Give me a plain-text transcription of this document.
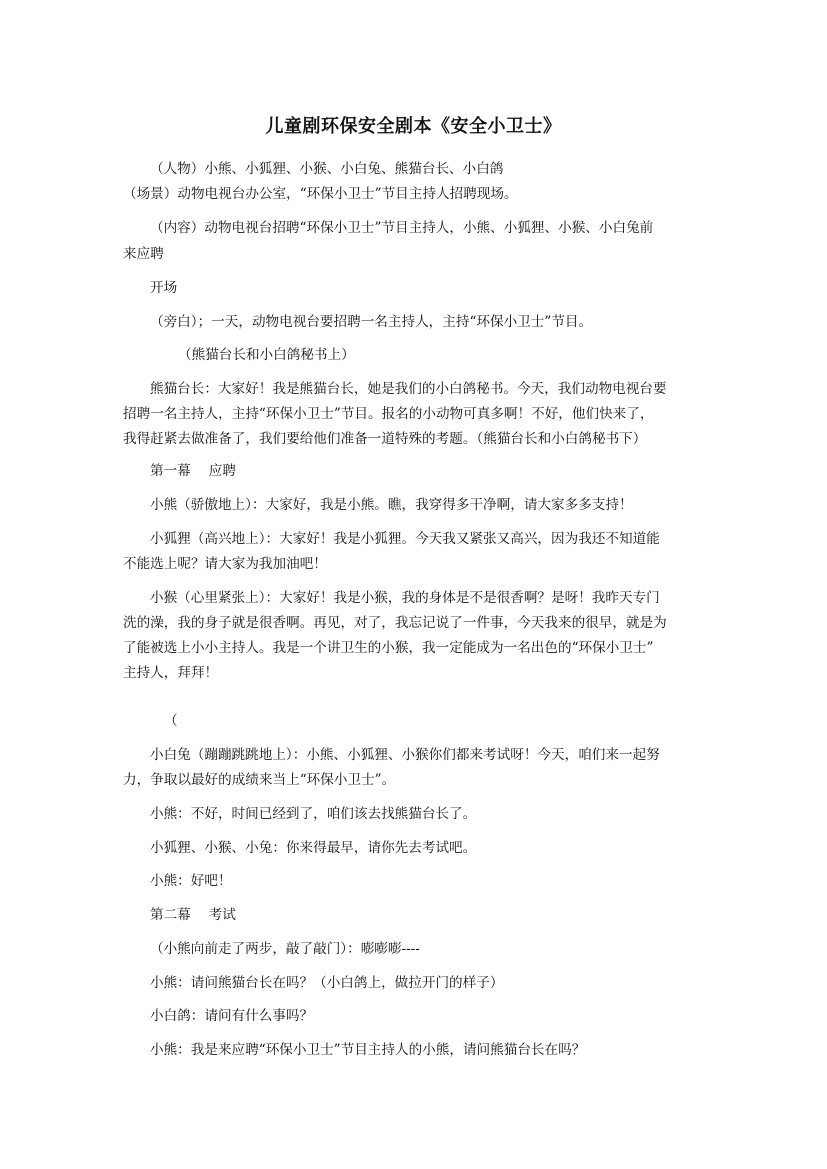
儿童剧环保安全剧本《安全小卫士》
（人物）小熊、小狐狸、小猴、小白兔、熊猫台长、小白鸽
（场景）动物电视台办公室，“环保小卫士”节目主持人招聘现场。
（内容）动物电视台招聘“环保小卫士”节目主持人，小熊、小狐狸、小猴、小白兔前
来应聘
开场
（旁白）；一天，动物电视台要招聘一名主持人，主持“环保小卫士”节目。
（熊猫台长和小白鸽秘书上）
熊猫台长：大家好！我是熊猫台长，她是我们的小白鸽秘书。今天，我们动物电视台要
招聘一名主持人，主持“环保小卫士”节目。报名的小动物可真多啊！不好，他们快来了，
我得赶紧去做准备了，我们要给他们准备一道特殊的考题。（熊猫台长和小白鸽秘书下）
第一幕　 应聘
小熊（骄傲地上）：大家好，我是小熊。瞧，我穿得多干净啊，请大家多多支持！
小狐狸（高兴地上）：大家好！我是小狐狸。今天我又紧张又高兴，因为我还不知道能
不能选上呢？请大家为我加油吧！
小猴（心里紧张上）：大家好！我是小猴，我的身体是不是很香啊？是呀！我昨天专门
洗的澡，我的身子就是很香啊。再见，对了，我忘记说了一件事，今天我来的很早，就是为
了能被选上小小主持人。我是一个讲卫生的小猴，我一定能成为一名出色的“环保小卫士”
主持人，拜拜！
（
小白兔（蹦蹦跳跳地上）：小熊、小狐狸、小猴你们都来考试呀！今天，咱们来一起努
力，争取以最好的成绩来当上“环保小卫士”。
小熊：不好，时间已经到了，咱们该去找熊猫台长了。
小狐狸、小猴、小兔：你来得最早，请你先去考试吧。
小熊：好吧！
第二幕　 考试
（小熊向前走了两步，敲了敲门）：嘭嘭嘭----
小熊：请问熊猫台长在吗？（小白鸽上，做拉开门的样子）
小白鸽：请问有什么事吗？
小熊：我是来应聘“环保小卫士”节目主持人的小熊，请问熊猫台长在吗？
